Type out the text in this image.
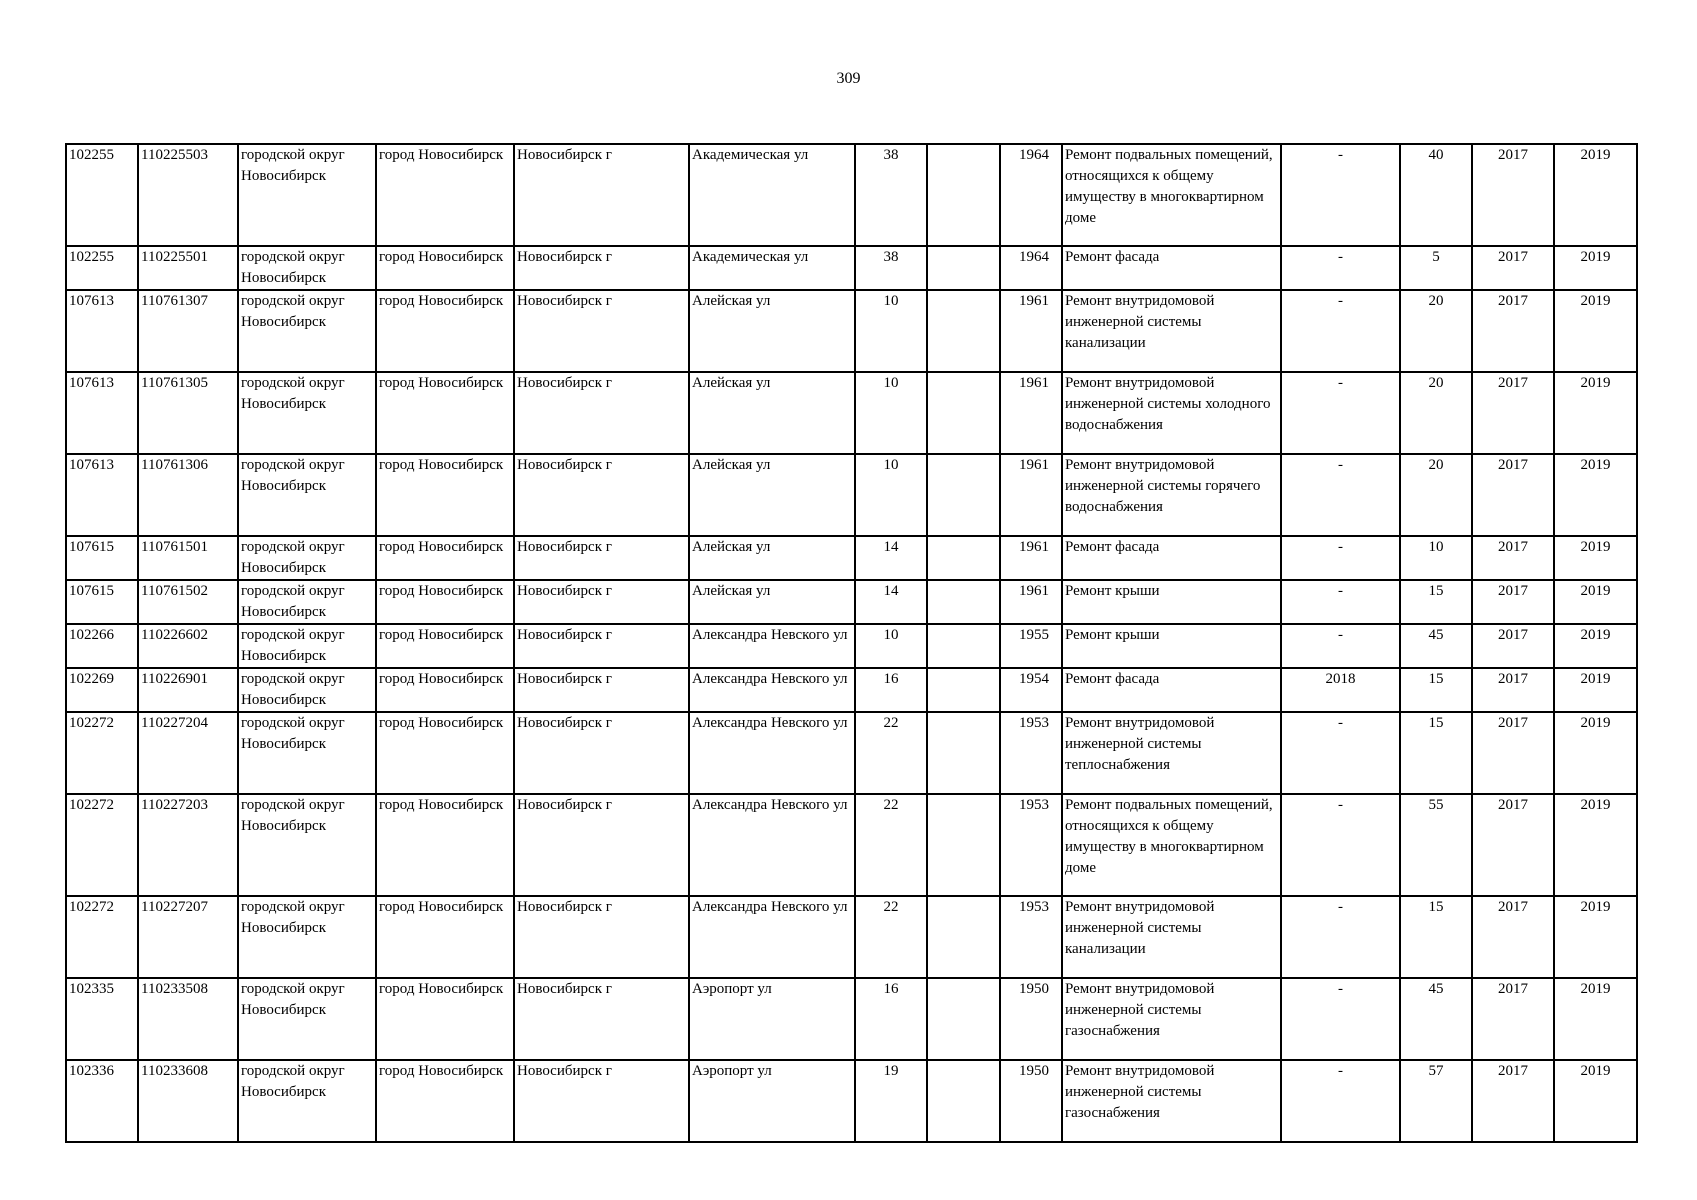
309
102255	110225503	городской округ Новосибирск	город Новосибирск	Новосибирск г	Академическая ул	38		1964	Ремонт подвальных помещений, относящихся к общему имуществу в многоквартирном доме	-	40	2017	2019
102255	110225501	городской округ Новосибирск	город Новосибирск	Новосибирск г	Академическая ул	38		1964	Ремонт фасада	-	5	2017	2019
107613	110761307	городской округ Новосибирск	город Новосибирск	Новосибирск г	Алейская ул	10		1961	Ремонт внутридомовой инженерной системы канализации	-	20	2017	2019
107613	110761305	городской округ Новосибирск	город Новосибирск	Новосибирск г	Алейская ул	10		1961	Ремонт внутридомовой инженерной системы холодного водоснабжения	-	20	2017	2019
107613	110761306	городской округ Новосибирск	город Новосибирск	Новосибирск г	Алейская ул	10		1961	Ремонт внутридомовой инженерной системы горячего водоснабжения	-	20	2017	2019
107615	110761501	городской округ Новосибирск	город Новосибирск	Новосибирск г	Алейская ул	14		1961	Ремонт фасада	-	10	2017	2019
107615	110761502	городской округ Новосибирск	город Новосибирск	Новосибирск г	Алейская ул	14		1961	Ремонт крыши	-	15	2017	2019
102266	110226602	городской округ Новосибирск	город Новосибирск	Новосибирск г	Александра Невского ул	10		1955	Ремонт крыши	-	45	2017	2019
102269	110226901	городской округ Новосибирск	город Новосибирск	Новосибирск г	Александра Невского ул	16		1954	Ремонт фасада	2018	15	2017	2019
102272	110227204	городской округ Новосибирск	город Новосибирск	Новосибирск г	Александра Невского ул	22		1953	Ремонт внутридомовой инженерной системы теплоснабжения	-	15	2017	2019
102272	110227203	городской округ Новосибирск	город Новосибирск	Новосибирск г	Александра Невского ул	22		1953	Ремонт подвальных помещений, относящихся к общему имуществу в многоквартирном доме	-	55	2017	2019
102272	110227207	городской округ Новосибирск	город Новосибирск	Новосибирск г	Александра Невского ул	22		1953	Ремонт внутридомовой инженерной системы канализации	-	15	2017	2019
102335	110233508	городской округ Новосибирск	город Новосибирск	Новосибирск г	Аэропорт ул	16		1950	Ремонт внутридомовой инженерной системы газоснабжения	-	45	2017	2019
102336	110233608	городской округ Новосибирск	город Новосибирск	Новосибирск г	Аэропорт ул	19		1950	Ремонт внутридомовой инженерной системы газоснабжения	-	57	2017	2019
